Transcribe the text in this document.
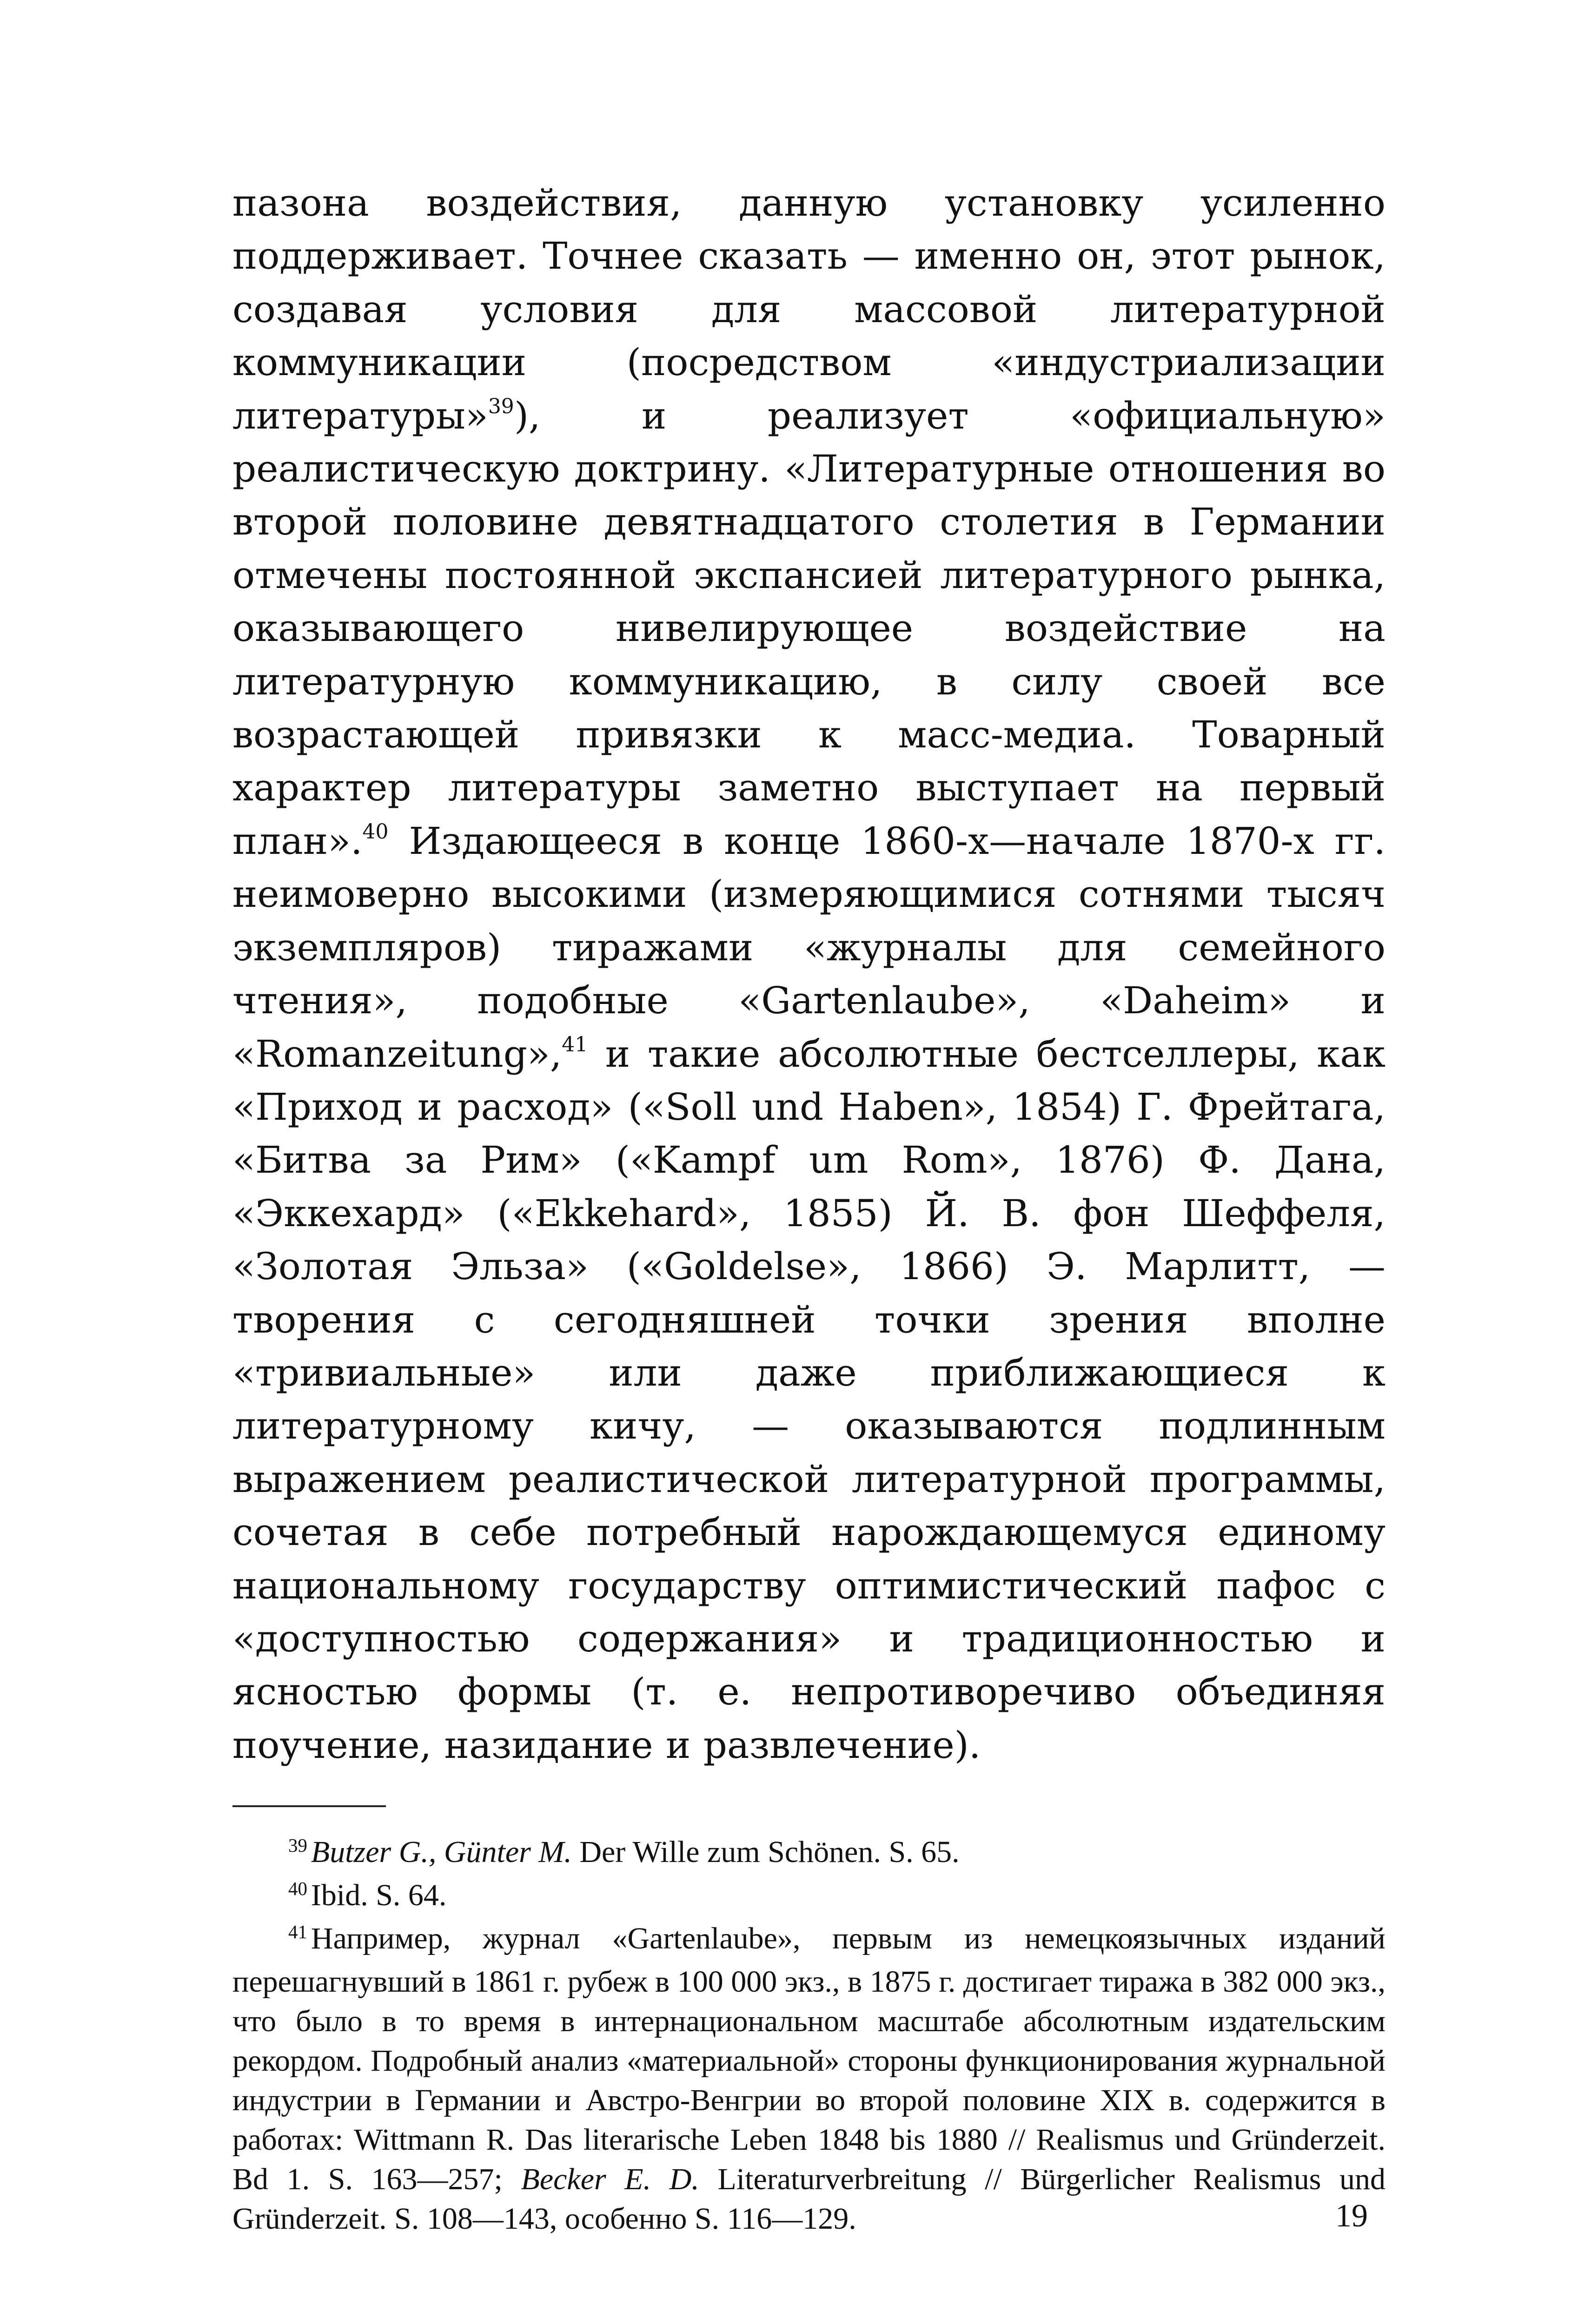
пазона воздействия, данную установку усиленно поддерживает. Точнее сказать — именно он, этот рынок, создавая условия для массовой литературной коммуникации (посредством «индустриализации литературы»$^{39}$), и реализует «официальную» реалистическую доктрину. «Литературные отношения во второй половине девятнадцатого столетия в Германии отмечены постоянной экспансией литературного рынка, оказывающего нивелирующее воздействие на литературную коммуникацию, в силу своей все возрастающей привязки к масс-медиа. Товарный характер литературы заметно выступает на первый план».$^{40}$ Издающееся в конце 1860-х—начале 1870-х гг. неимоверно высокими (измеряющимися сотнями тысяч экземпляров) тиражами «журналы для семейного чтения», подобные «Gartenlaube», «Daheim» и «Romanzeitung»,$^{41}$ и такие абсолютные бестселлеры, как «Приход и расход» («Soll und Haben», 1854) Г. Фрейтага, «Битва за Рим» («Kampf um Rom», 1876) Ф. Дана, «Эккехард» («Ekkehard», 1855) Й. В. фон Шеффеля, «Золотая Эльза» («Goldelse», 1866) Э. Марлитт, — творения с сегодняшней точки зрения вполне «тривиальные» или даже приближающиеся к литературному кичу, — оказываются подлинным выражением реалистической литературной программы, сочетая в себе потребный нарождающемуся единому национальному государству оптимистический пафос с «доступностью содержания» и традиционностью и ясностью формы (т. е. непротиворечиво объединяя поучение, назидание и развлечение).

$^{39}$ Butzer G., Günter M. Der Wille zum Schönen. S. 65.

$^{40}$ Ibid. S. 64.

$^{41}$ Например, журнал «Gartenlaube», первым из немецкоязычных изданий перешагнувший в 1861 г. рубеж в 100 000 экз., в 1875 г. достигает тиража в 382 000 экз., что было в то время в интернациональном масштабе абсолютным издательским рекордом. Подробный анализ «материальной» стороны функционирования журнальной индустрии в Германии и Австро-Венгрии во второй половине XIX в. содержится в работах: Wittmann R. Das literarische Leben 1848 bis 1880 // Realismus und Gründerzeit. Bd 1. S. 163—257; Becker E. D. Literaturverbreitung // Bürgerlicher Realismus und Gründerzeit. S. 108—143, особенно S. 116—129.	19
